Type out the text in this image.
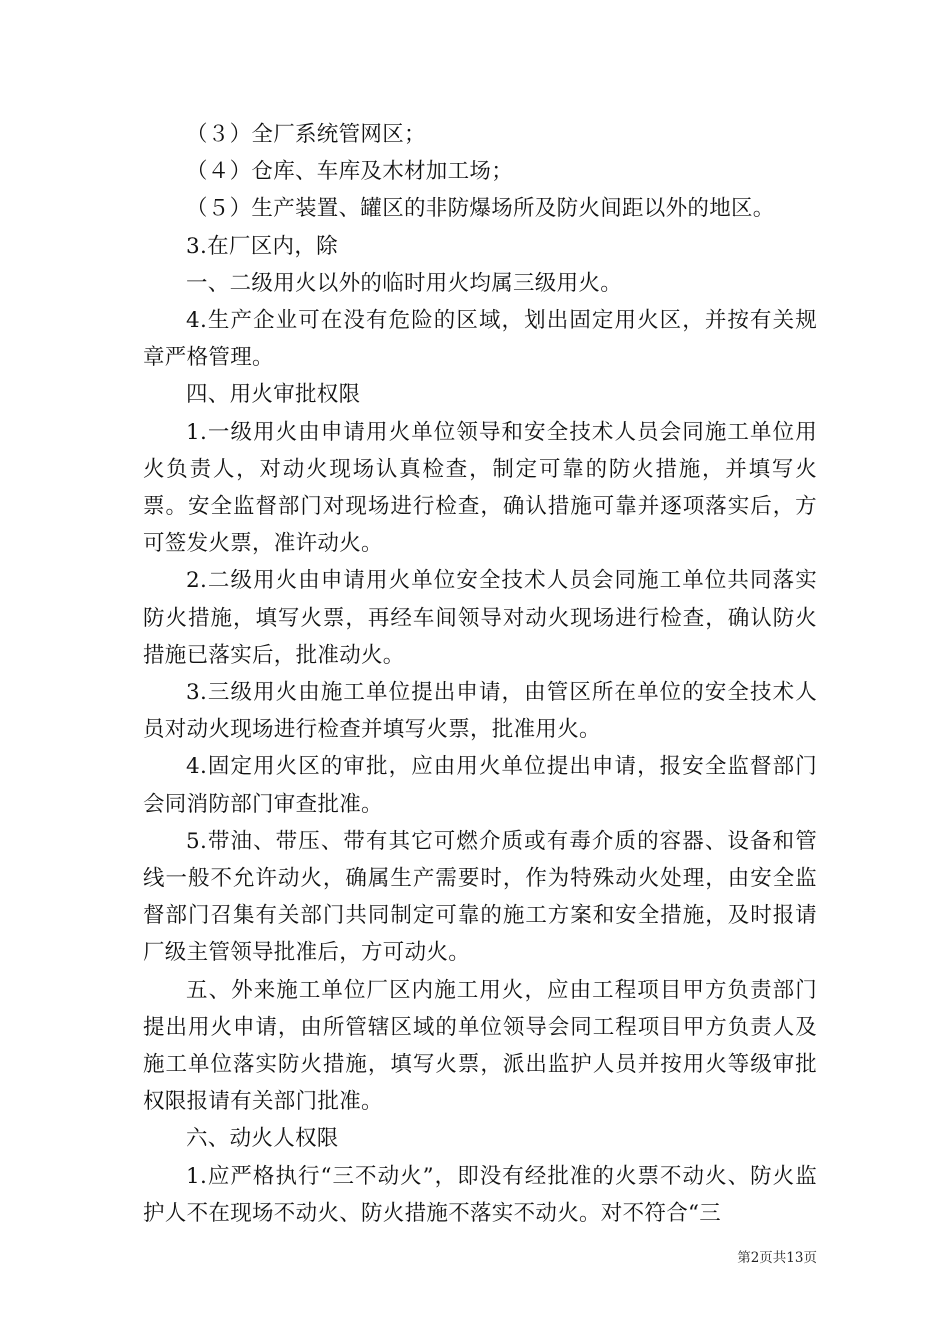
（３）全厂系统管网区；

（４）仓库、车库及木材加工场；

（５）生产装置、罐区的非防爆场所及防火间距以外的地区。

3.在厂区内，除

一、二级用火以外的临时用火均属三级用火。

4.生产企业可在没有危险的区域，划出固定用火区，并按有关规章严格管理。

四、用火审批权限

1.一级用火由申请用火单位领导和安全技术人员会同施工单位用火负责人，对动火现场认真检查，制定可靠的防火措施，并填写火票。安全监督部门对现场进行检查，确认措施可靠并逐项落实后，方可签发火票，准许动火。

2.二级用火由申请用火单位安全技术人员会同施工单位共同落实防火措施，填写火票，再经车间领导对动火现场进行检查，确认防火措施已落实后，批准动火。

3.三级用火由施工单位提出申请，由管区所在单位的安全技术人员对动火现场进行检查并填写火票，批准用火。

4.固定用火区的审批，应由用火单位提出申请，报安全监督部门会同消防部门审查批准。

5.带油、带压、带有其它可燃介质或有毒介质的容器、设备和管线一般不允许动火，确属生产需要时，作为特殊动火处理，由安全监督部门召集有关部门共同制定可靠的施工方案和安全措施，及时报请厂级主管领导批准后，方可动火。

五、外来施工单位厂区内施工用火，应由工程项目甲方负责部门提出用火申请，由所管辖区域的单位领导会同工程项目甲方负责人及施工单位落实防火措施，填写火票，派出监护人员并按用火等级审批权限报请有关部门批准。

六、动火人权限

1.应严格执行“三不动火”，即没有经批准的火票不动火、防火监护人不在现场不动火、防火措施不落实不动火。对不符合“三

第2页共13页
